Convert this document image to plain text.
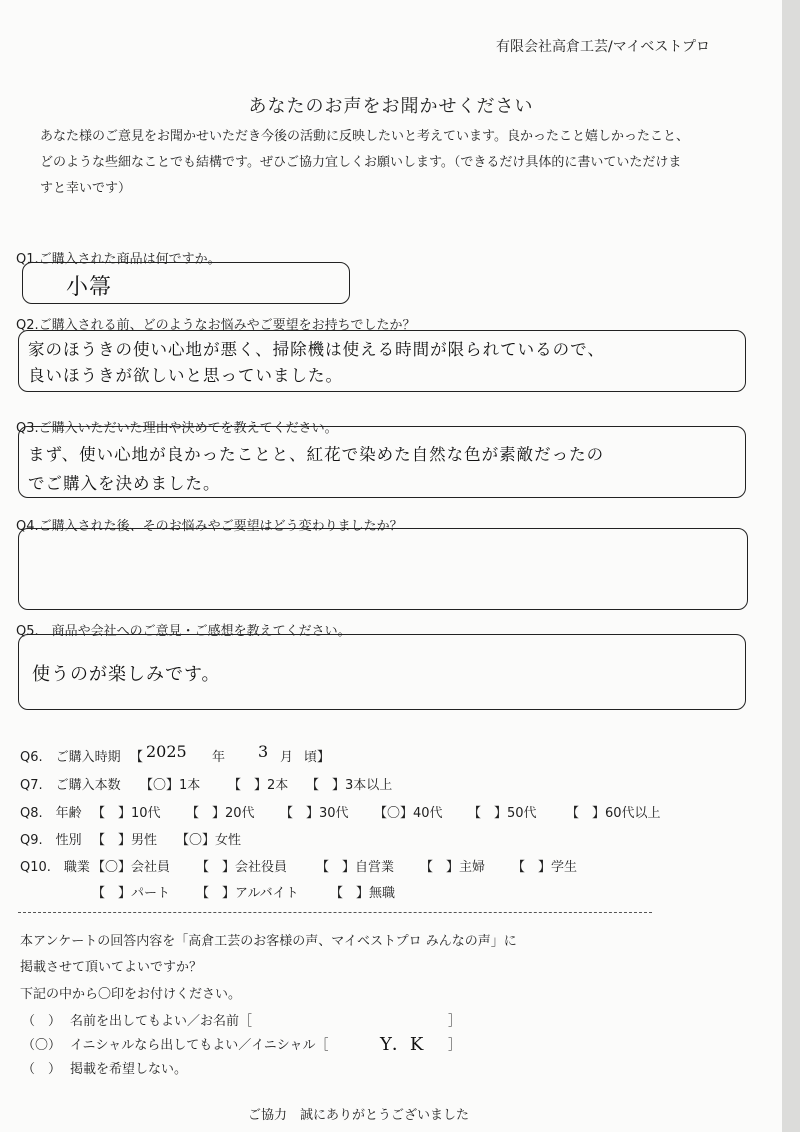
有限会社高倉工芸/マイベストプロ
あなたのお声をお聞かせください
あなた様のご意見をお聞かせいただき今後の活動に反映したいと考えています。良かったこと嬉しかったこと、
どのような些細なことでも結構です。ぜひご協力宜しくお願いします。（できるだけ具体的に書いていただけま
すと幸いです）
Q1.ご購入された商品は何ですか。
小箒
Q2.ご購入される前、どのようなお悩みやご要望をお持ちでしたか？
家のほうきの使い心地が悪く、掃除機は使える時間が限られているので、
良いほうきが欲しいと思っていました。
Q3.ご購入いただいた理由や決めてを教えてください。
まず、使い心地が良かったことと、紅花で染めた自然な色が素敵だったの
でご購入を決めました。
Q4.ご購入された後、そのお悩みやご要望はどう変わりましたか？
Q5.　商品や会社へのご意見・ご感想を教えてください。
使うのが楽しみです。
Q6.　ご購入時期 【 2025 年 3 月 頃】
Q7.　ご購入本数 【〇】1本 【　】2本 【　】3本以上
Q8.　年齢 【　】10代 【　】20代 【　】30代 【〇】40代 【　】50代 【　】60代以上
Q9.　性別 【　】男性 【〇】女性
Q10.　職業 【〇】会社員 【　】会社役員 【　】自営業 【　】主婦 【　】学生
【　】パート 【　】アルバイト 【　】無職
本アンケートの回答内容を「高倉工芸のお客様の声、マイベストプロ みんなの声」に
掲載させて頂いてよいですか？
下記の中から〇印をお付けください。
（　） 名前を出してもよい／お名前［	］
（〇） イニシャルなら出してもよい／イニシャル［	Y．K ］
（　） 掲載を希望しない。
ご協力　誠にありがとうございました
